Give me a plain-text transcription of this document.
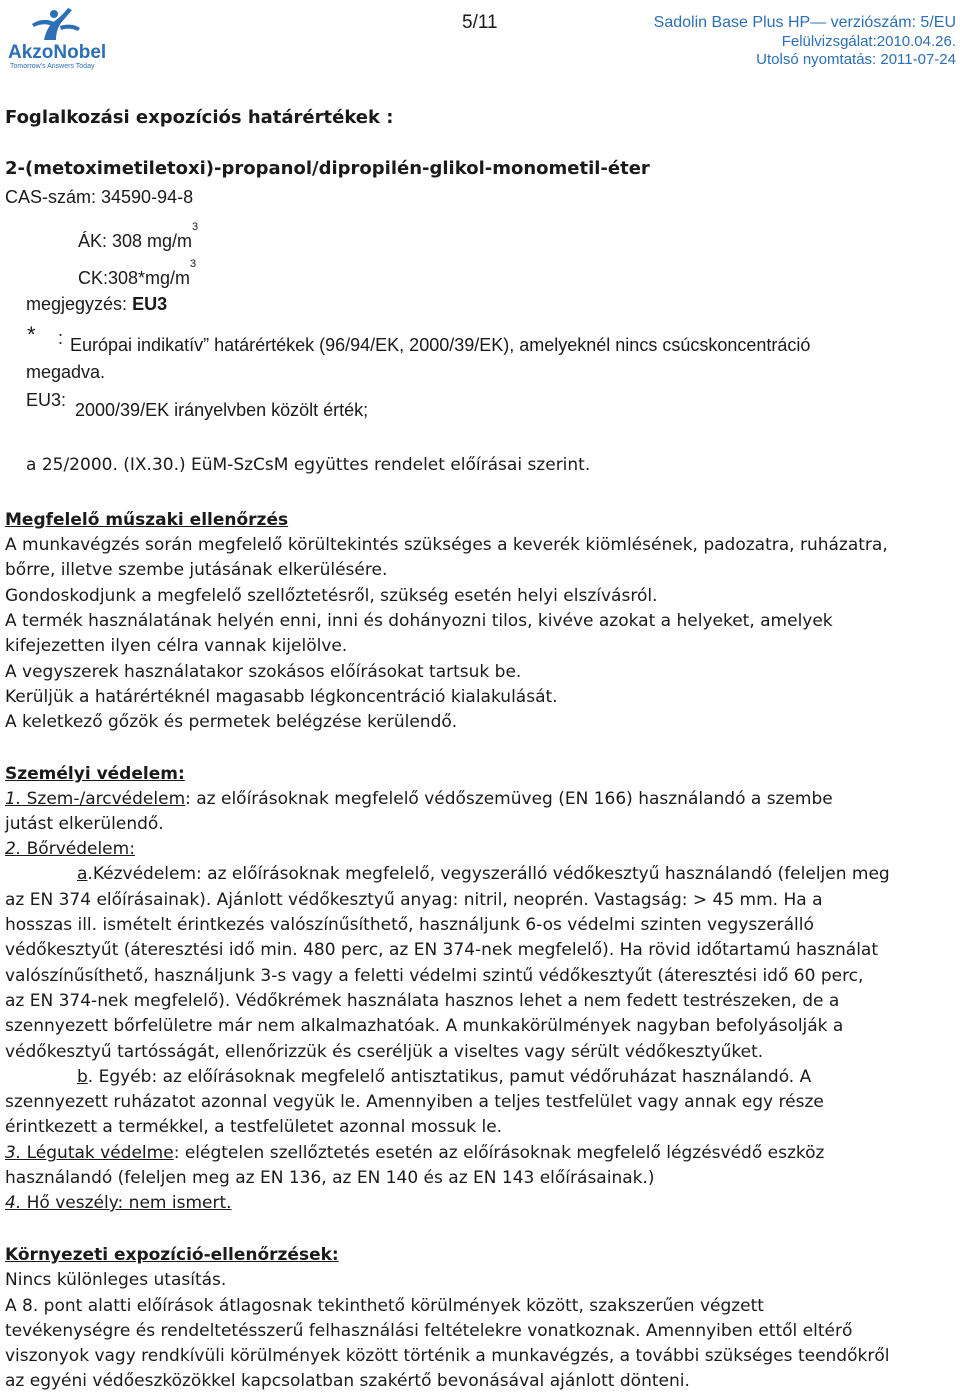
AkzoNobel
Tomorrow's Answers Today
5/11	Sadolin Base Plus HP— verziószám: 5/EU
Felülvizsgálat:2010.04.26.
Utolsó nyomtatás: 2011-07-24
Foglalkozási expozíciós határértékek :
2-(metoximetiletoxi)-propanol/dipropilén-glikol-monometil-éter
CAS-szám: 34590-94-8
ÁK: 308 $mg/m^3$
$CK:308*mg/m^3$
megjegyzés: EU3
* : Európai indikatív” határértékek (96/94/EK, 2000/39/EK), amelyeknél nincs csúcskoncentráció
megadva.
EU3: 2000/39/EK irányelvben közölt érték;
a 25/2000. (IX.30.) EüM-SzCsM együttes rendelet előírásai szerint.
Megfelelő műszaki ellenőrzés
A munkavégzés során megfelelő körültekintés szükséges a keverék kiömlésének, padozatra, ruházatra,
bőrre, illetve szembe jutásának elkerülésére.
Gondoskodjunk a megfelelő szellőztetésről, szükség esetén helyi elszívásról.
A termék használatának helyén enni, inni és dohányozni tilos, kivéve azokat a helyeket, amelyek
kifejezetten ilyen célra vannak kijelölve.
A vegyszerek használatakor szokásos előírásokat tartsuk be.
Kerüljük a határértéknél magasabb légkoncentráció kialakulását.
A keletkező gőzök és permetek belégzése kerülendő.
Személyi védelem:
1. Szem-/arcvédelem: az előírásoknak megfelelő védőszemüveg (EN 166) használandó a szembe
jutást elkerülendő.
2. Bőrvédelem:
a.Kézvédelem: az előírásoknak megfelelő, vegyszerálló védőkesztyű használandó (feleljen meg
az EN 374 előírásainak). Ajánlott védőkesztyű anyag: nitril, neoprén. Vastagság: > 45 mm. Ha a
hosszas ill. ismételt érintkezés valószínűsíthető, használjunk 6-os védelmi szinten vegyszerálló
védőkesztyűt (áteresztési idő min. 480 perc, az EN 374-nek megfelelő). Ha rövid időtartamú használat
valószínűsíthető, használjunk 3-s vagy a feletti védelmi szintű védőkesztyűt (áteresztési idő 60 perc,
az EN 374-nek megfelelő). Védőkrémek használata hasznos lehet a nem fedett testrészeken, de a
szennyezett bőrfelületre már nem alkalmazhatóak. A munkakörülmények nagyban befolyásolják a
védőkesztyű tartósságát, ellenőrizzük és cseréljük a viseltes vagy sérült védőkesztyűket.
b. Egyéb: az előírásoknak megfelelő antisztatikus, pamut védőruházat használandó. A
szennyezett ruházatot azonnal vegyük le. Amennyiben a teljes testfelület vagy annak egy része
érintkezett a termékkel, a testfelületet azonnal mossuk le.
3. Légutak védelme: elégtelen szellőztetés esetén az előírásoknak megfelelő légzésvédő eszköz
használandó (feleljen meg az EN 136, az EN 140 és az EN 143 előírásainak.)
4. Hő veszély: nem ismert.
Környezeti expozíció-ellenőrzések:
Nincs különleges utasítás.
A 8. pont alatti előírások átlagosnak tekinthető körülmények között, szakszerűen végzett
tevékenységre és rendeltetésszerű felhasználási feltételekre vonatkoznak. Amennyiben ettől eltérő
viszonyok vagy rendkívüli körülmények között történik a munkavégzés, a további szükséges teendőkről
az egyéni védőeszközökkel kapcsolatban szakértő bevonásával ajánlott dönteni.
